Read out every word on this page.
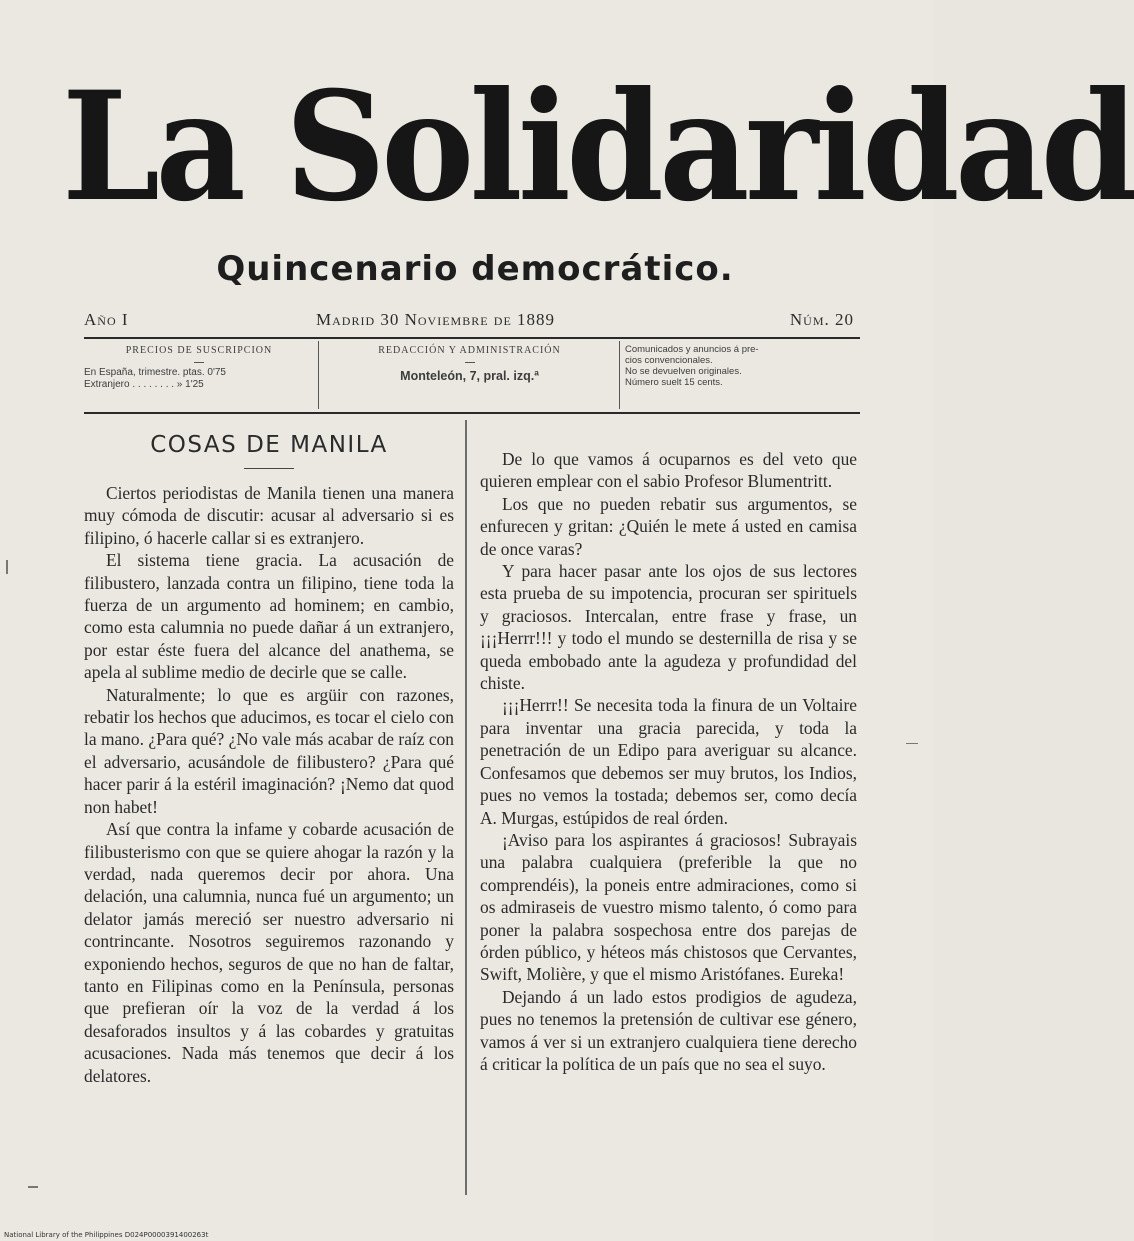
La Solidaridad
Quincenario democrático.
Año I	Madrid 30 Noviembre de 1889	Núm. 20
PRECIOS DE SUSCRIPCION
En España, trimestre. ptas. 0'75
Extranjero . . . . . . . . » 1'25
REDACCIÓN Y ADMINISTRACIÓN
Monteleón, 7, pral. izq.ª
Comunicados y anuncios á pre-
cios convencionales.
No se devuelven originales.
Número suelt 15 cents.
COSAS DE MANILA

Ciertos periodistas de Manila tienen una manera muy cómoda de discutir: acusar al adversario si es filipino, ó hacerle callar si es extranjero.

El sistema tiene gracia. La acusación de filibustero, lanzada contra un filipino, tiene toda la fuerza de un argumento ad hominem; en cambio, como esta calumnia no puede dañar á un extranjero, por estar éste fuera del alcance del anathema, se apela al sublime medio de decirle que se calle.

Naturalmente; lo que es argüir con razones, rebatir los hechos que aducimos, es tocar el cielo con la mano. ¿Para qué? ¿No vale más acabar de raíz con el adversario, acusándole de filibustero? ¿Para qué hacer parir á la estéril imaginación? ¡Nemo dat quod non habet!

Así que contra la infame y cobarde acusación de filibusterismo con que se quiere ahogar la razón y la verdad, nada queremos decir por ahora. Una delación, una calumnia, nunca fué un argumento; un delator jamás mereció ser nuestro adversario ni contrincante. Nosotros seguiremos razonando y exponiendo hechos, seguros de que no han de faltar, tanto en Filipinas como en la Península, personas que prefieran oír la voz de la verdad á los desaforados insultos y á las cobardes y gratuitas acusaciones. Nada más tenemos que decir á los delatores.

De lo que vamos á ocuparnos es del veto que quieren emplear con el sabio Profesor Blumentritt.

Los que no pueden rebatir sus argumentos, se enfurecen y gritan: ¿Quién le mete á usted en camisa de once varas?

Y para hacer pasar ante los ojos de sus lectores esta prueba de su impotencia, procuran ser spirituels y graciosos. Intercalan, entre frase y frase, un ¡¡¡Herrr!!! y todo el mundo se desternilla de risa y se queda embobado ante la agudeza y profundidad del chiste.

¡¡¡Herrr!! Se necesita toda la finura de un Voltaire para inventar una gracia parecida, y toda la penetración de un Edipo para averiguar su alcance. Confesamos que debemos ser muy brutos, los Indios, pues no vemos la tostada; debemos ser, como decía A. Murgas, estúpidos de real órden.

¡Aviso para los aspirantes á graciosos! Subrayais una palabra cualquiera (preferible la que no comprendéis), la poneis entre admiraciones, como si os admiraseis de vuestro mismo talento, ó como para poner la palabra sospechosa entre dos parejas de órden público, y héteos más chistosos que Cervantes, Swift, Molière, y que el mismo Aristófanes. Eureka!

Dejando á un lado estos prodigios de agudeza, pues no tenemos la pretensión de cultivar ese género, vamos á ver si un extranjero cualquiera tiene derecho á criticar la política de un país que no sea el suyo.

National Library of the Philippines D024P0000391400263t
